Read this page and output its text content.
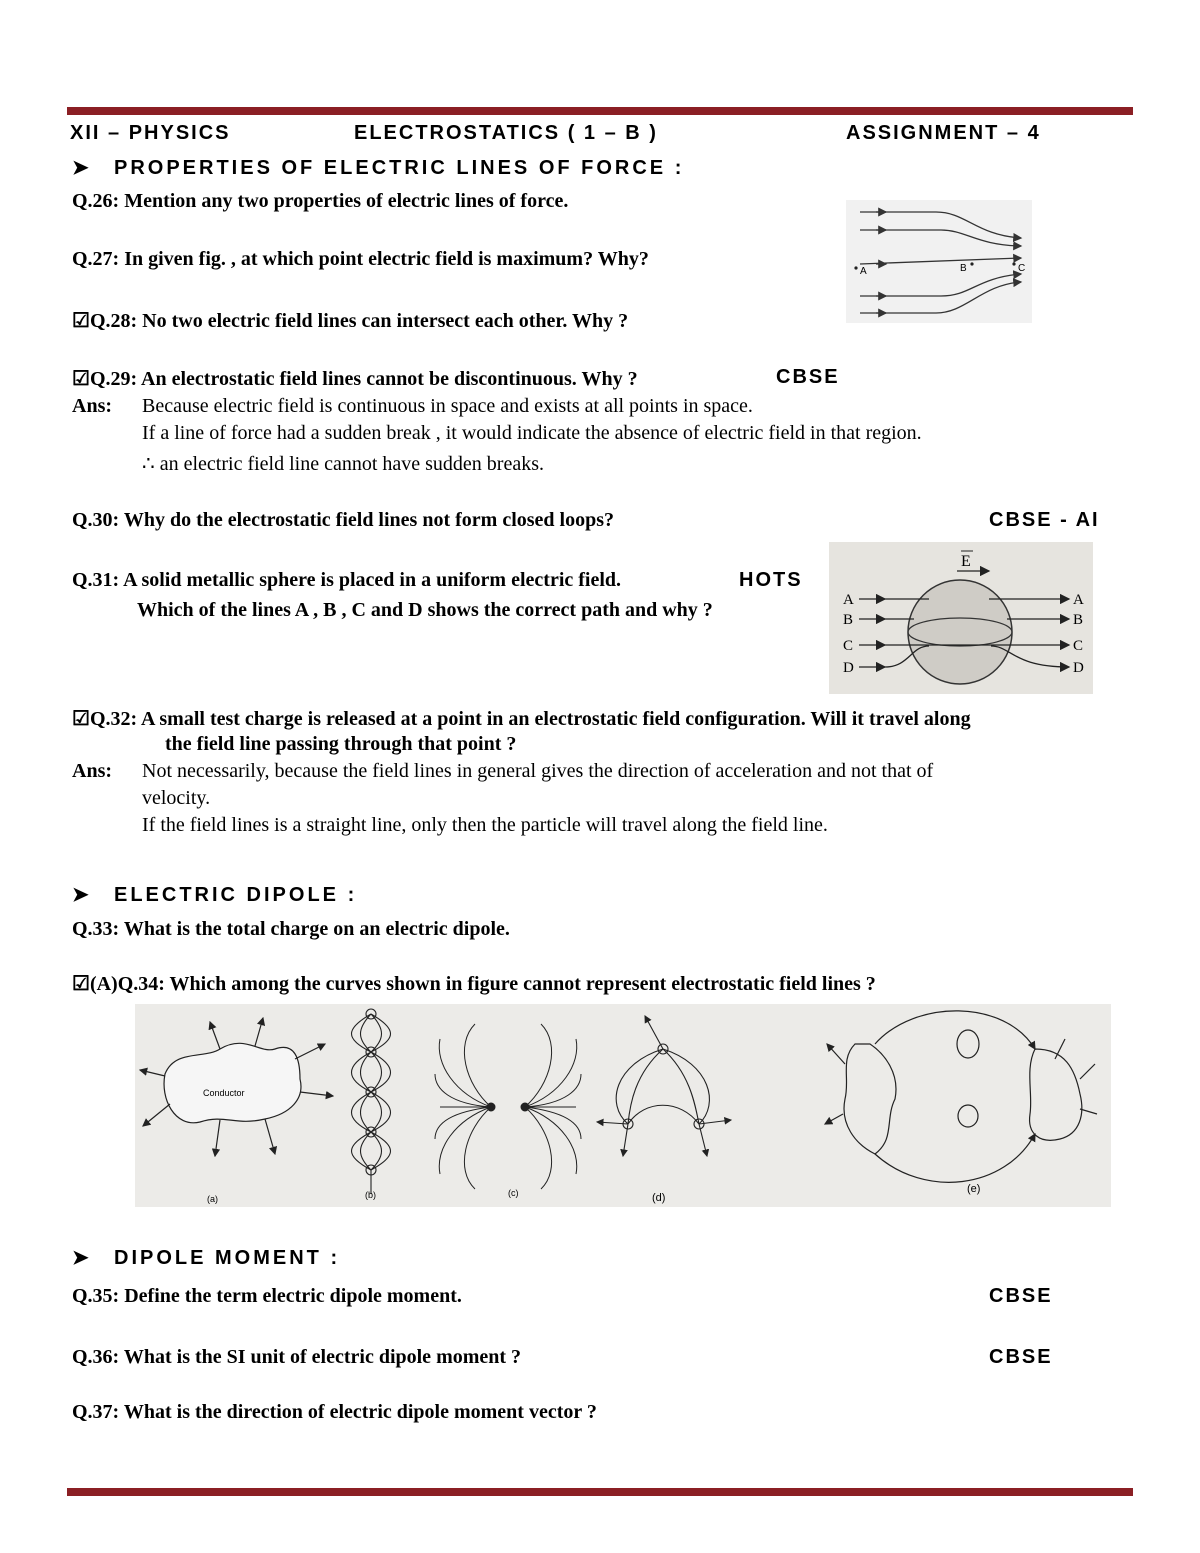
XII – PHYSICS	ELECTROSTATICS ( 1 – B )	ASSIGNMENT – 4
➤ PROPERTIES OF ELECTRIC LINES OF FORCE :
Q.26: Mention any two properties of electric lines of force.
Q.27: In given fig. , at which point electric field is maximum? Why?
☑Q.28: No two electric field lines can intersect each other. Why ?
A	B	C
☑Q.29: An electrostatic field lines cannot be discontinuous. Why ?	CBSE
Ans: Because electric field is continuous in space and exists at all points in space.
If a line of force had a sudden break , it would indicate the absence of electric field in that region.
∴ an electric field line cannot have sudden breaks.
Q.30: Why do the electrostatic field lines not form closed loops?	CBSE - AI
Q.31: A solid metallic sphere is placed in a uniform electric field.	HOTS
Which of the lines A , B , C and D shows the correct path and why ?
E
A
B
C
D
A
B
C
D
☑Q.32: A small test charge is released at a point in an electrostatic field configuration. Will it travel along
the field line passing through that point ?
Ans: Not necessarily, because the field lines in general gives the direction of acceleration and not that of
velocity.
If the field lines is a straight line, only then the particle will travel along the field line.
➤ ELECTRIC DIPOLE :
Q.33: What is the total charge on an electric dipole.
☑(A)Q.34: Which among the curves shown in figure cannot represent electrostatic field lines ?
Conductor
(a)	(b)	(c)	(d)
(e)
➤ DIPOLE MOMENT :
Q.35: Define the term electric dipole moment.	CBSE
Q.36: What is the SI unit of electric dipole moment ?	CBSE
Q.37: What is the direction of electric dipole moment vector ?
